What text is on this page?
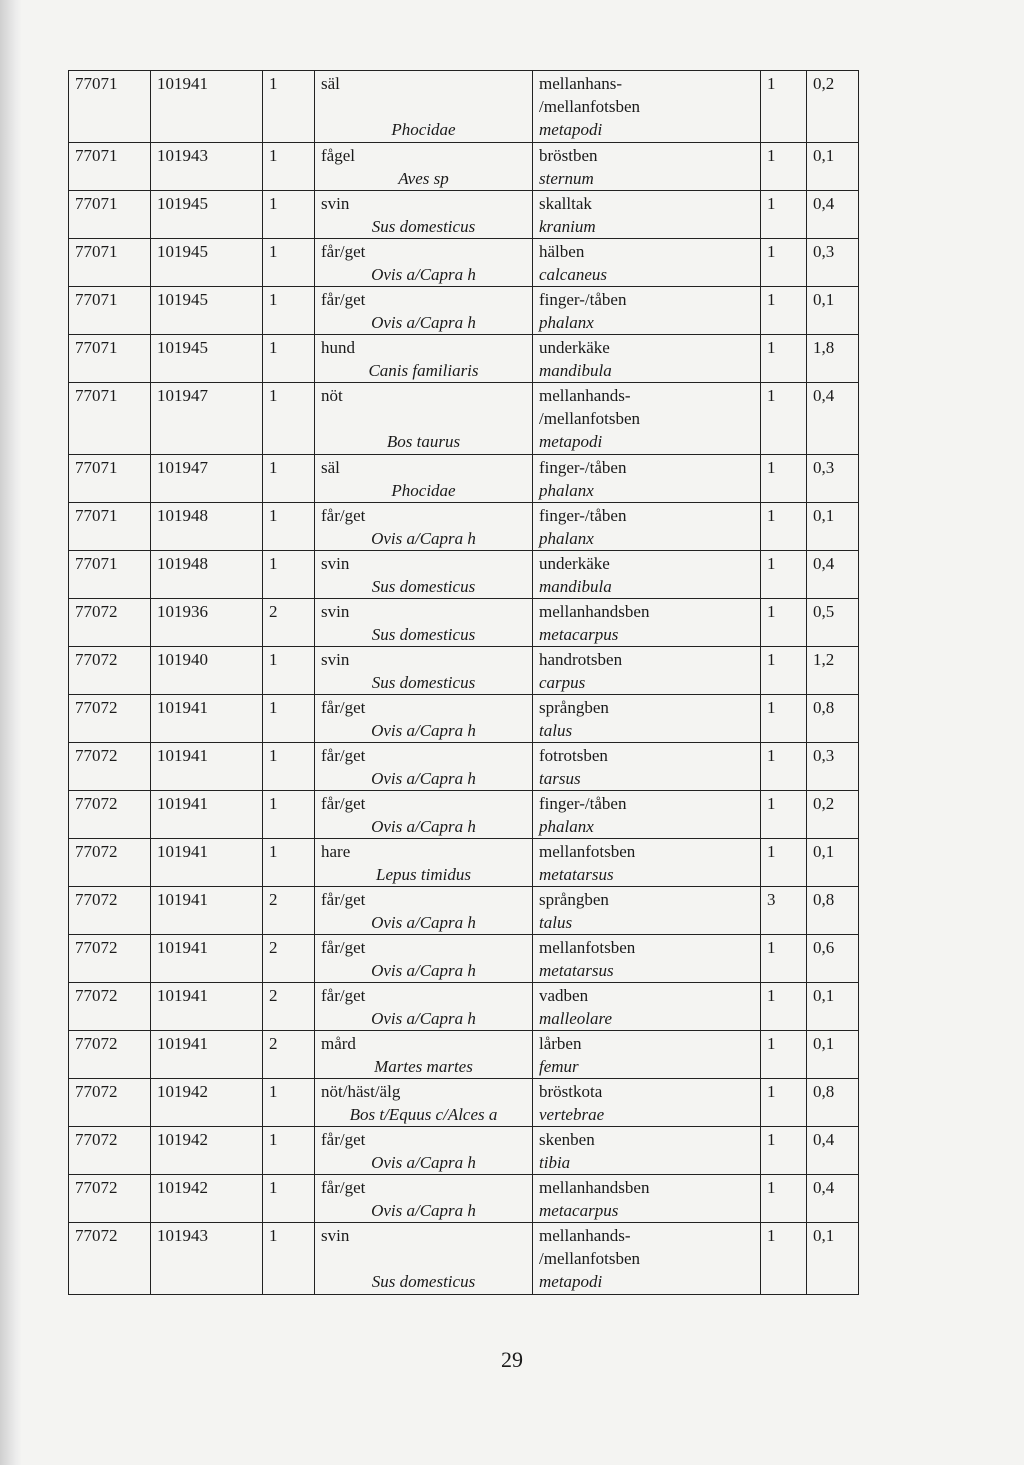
77071	101941	1	säl
Phocidae	mellanhans-
/mellanfotsben
metapodi	1	0,2
77071	101943	1	fågel
Aves sp	bröstben
sternum	1	0,1
77071	101945	1	svin
Sus domesticus	skalltak
kranium	1	0,4
77071	101945	1	får/get
Ovis a/Capra h	hälben
calcaneus	1	0,3
77071	101945	1	får/get
Ovis a/Capra h	finger-/tåben
phalanx	1	0,1
77071	101945	1	hund
Canis familiaris	underkäke
mandibula	1	1,8
77071	101947	1	nöt
Bos taurus	mellanhands-
/mellanfotsben
metapodi	1	0,4
77071	101947	1	säl
Phocidae	finger-/tåben
phalanx	1	0,3
77071	101948	1	får/get
Ovis a/Capra h	finger-/tåben
phalanx	1	0,1
77071	101948	1	svin
Sus domesticus	underkäke
mandibula	1	0,4
77072	101936	2	svin
Sus domesticus	mellanhandsben
metacarpus	1	0,5
77072	101940	1	svin
Sus domesticus	handrotsben
carpus	1	1,2
77072	101941	1	får/get
Ovis a/Capra h	språngben
talus	1	0,8
77072	101941	1	får/get
Ovis a/Capra h	fotrotsben
tarsus	1	0,3
77072	101941	1	får/get
Ovis a/Capra h	finger-/tåben
phalanx	1	0,2
77072	101941	1	hare
Lepus timidus	mellanfotsben
metatarsus	1	0,1
77072	101941	2	får/get
Ovis a/Capra h	språngben
talus	3	0,8
77072	101941	2	får/get
Ovis a/Capra h	mellanfotsben
metatarsus	1	0,6
77072	101941	2	får/get
Ovis a/Capra h	vadben
malleolare	1	0,1
77072	101941	2	mård
Martes martes	lårben
femur	1	0,1
77072	101942	1	nöt/häst/älg
Bos t/Equus c/Alces a	bröstkota
vertebrae	1	0,8
77072	101942	1	får/get
Ovis a/Capra h	skenben
tibia	1	0,4
77072	101942	1	får/get
Ovis a/Capra h	mellanhandsben
metacarpus	1	0,4
77072	101943	1	svin
Sus domesticus	mellanhands-
/mellanfotsben
metapodi	1	0,1
29
